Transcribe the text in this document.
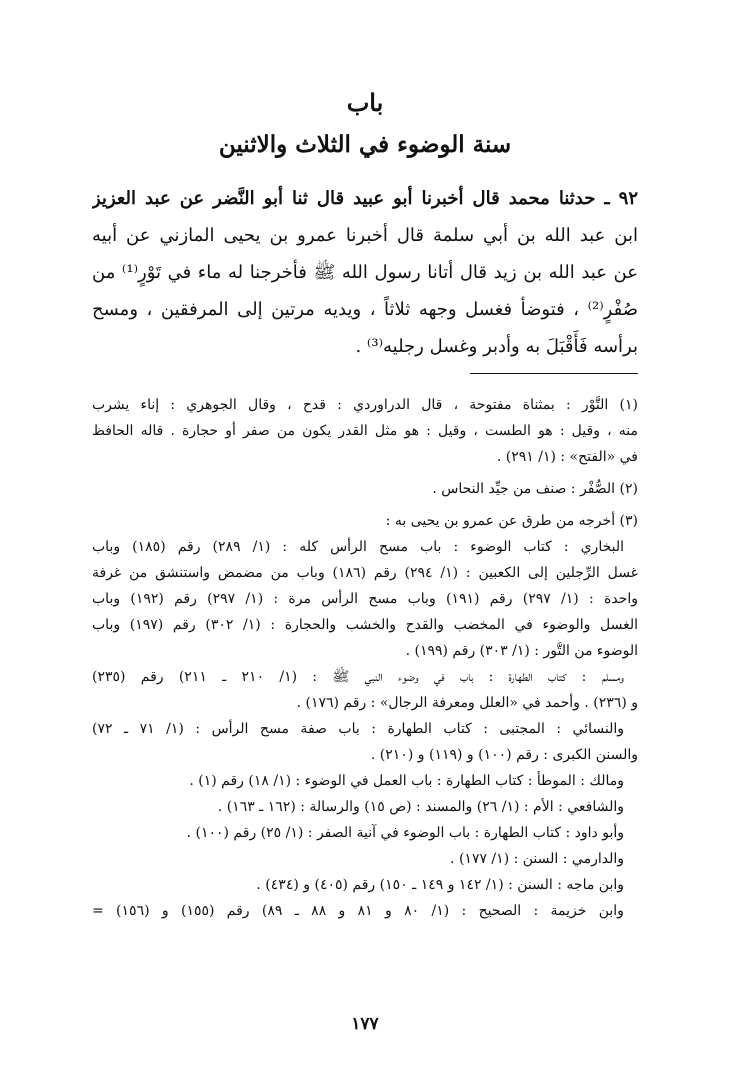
باب
سنة الوضوء في الثلاث والاثنين
٩٢ ـ حدثنا محمد قال أخبرنا أبو عبيد قال ثنا أبو النَّضر عن عبد العزيز
ابن عبد الله بن أبي سلمة قال أخبرنا عمرو بن يحيى المازني عن أبيه
عن عبد الله بن زيد قال أتانا رسول الله ﷺ فأخرجنا له ماء في تَوْرٍ⁽¹⁾ من
صُفْرٍ⁽²⁾ ، فتوضأ فغسل وجهه ثلاثاً ، ويديه مرتين إلى المرفقين ، ومسح
برأسه فَأَقْبَلَ به وأدبر وغسل رجليه⁽³⁾ .
(١) التَّوْر : بمثناة مفتوحة ، قال الدراوردي : قدح ، وقال الجوهري : إناء يشرب
منه ، وقيل : هو الطست ، وقيل : هو مثل القدر يكون من صفر أو حجارة . قاله الحافظ
في «الفتح» : (١/ ٢٩١) .
(٢) الصُّفْر : صنف من جيِّد النحاس .
(٣) أخرجه من طرق عن عمرو بن يحيى به :
البخاري : كتاب الوضوء : باب مسح الرأس كله : (١/ ٢٨٩) رقم (١٨٥) وباب
غسل الرِّجلين إلى الكعبين : (١/ ٢٩٤) رقم (١٨٦) وباب من مضمض واستنشق من غرفة
واحدة : (١/ ٢٩٧) رقم (١٩١) وباب مسح الرأس مرة : (١/ ٢٩٧) رقم (١٩٢) وباب
الغسل والوضوء في المخضب والقدح والخشب والحجارة : (١/ ٣٠٢) رقم (١٩٧) وباب
الوضوء من التَّور : (١/ ٣٠٣) رقم (١٩٩) .
ومسلم : كتاب الطهارة : باب في وضوء النبي ﷺ : (١/ ٢١٠ ـ ٢١١) رقم (٢٣٥)
و (٢٣٦) . وأحمد في «العلل ومعرفة الرجال» : رقم (١٧٦) .
والنسائي : المجتبى : كتاب الطهارة : باب صفة مسح الرأس : (١/ ٧١ ـ ٧٢)
والسنن الكبرى : رقم (١٠٠) و (١١٩) و (٢١٠) .
ومالك : الموطأ : كتاب الطهارة : باب العمل في الوضوء : (١/ ١٨) رقم (١) .
والشافعي : الأم : (١/ ٢٦) والمسند : (ص ١٥) والرسالة : (١٦٢ ـ ١٦٣) .
وأبو داود : كتاب الطهارة : باب الوضوء في آنية الصفر : (١/ ٢٥) رقم (١٠٠) .
والدارمي : السنن : (١/ ١٧٧) .
وابن ماجه : السنن : (١/ ١٤٢ و ١٤٩ ـ ١٥٠) رقم (٤٠٥) و (٤٣٤) .
وابن خزيمة : الصحيح : (١/ ٨٠ و ٨١ و ٨٨ ـ ٨٩) رقم (١٥٥) و (١٥٦) =
١٧٧
